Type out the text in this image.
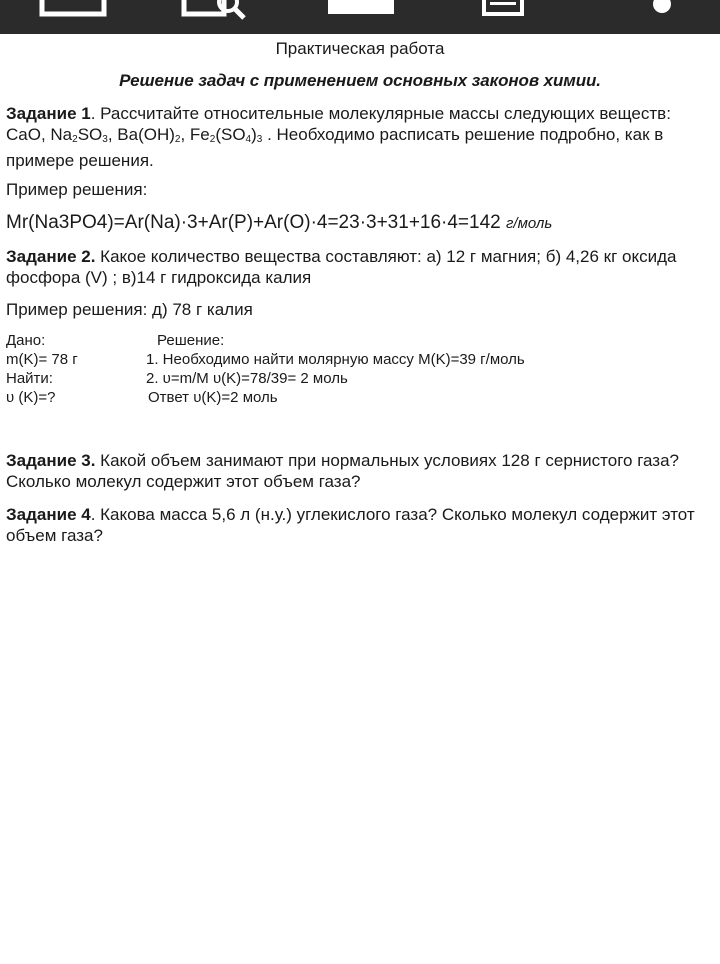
Практическая работа
Решение задач с применением основных законов химии.
Задание 1. Рассчитайте относительные молекулярные массы следующих веществ: CaO, $Na_2SO_3$, $Ba(OH)_2$, $Fe_2(SO_4)_3$ . Необходимо расписать решение подробно, как в примере решения.
Пример решения:
Mr(Na3PO4)=Ar(Na)·3+Ar(P)+Ar(O)·4=23·3+31+16·4=142 г/моль
Задание 2. Какое количество вещества составляют: а) 12 г магния; б) 4,26 кг оксида фосфора (V) ; в)14 г гидроксида калия
Пример решения: д) 78 г калия
Дано:
m(K)= 78 г
Найти:
υ (K)=?
Решение:
1. Необходимо найти молярную массу M(K)=39 г/моль
2. υ=m/M υ(K)=78/39= 2 моль
Ответ υ(K)=2 моль
Задание 3. Какой объем занимают при нормальных условиях 128 г сернистого газа? Сколько молекул содержит этот объем газа?
Задание 4. Какова масса 5,6 л (н.у.) углекислого газа? Сколько молекул содержит этот объем газа?
